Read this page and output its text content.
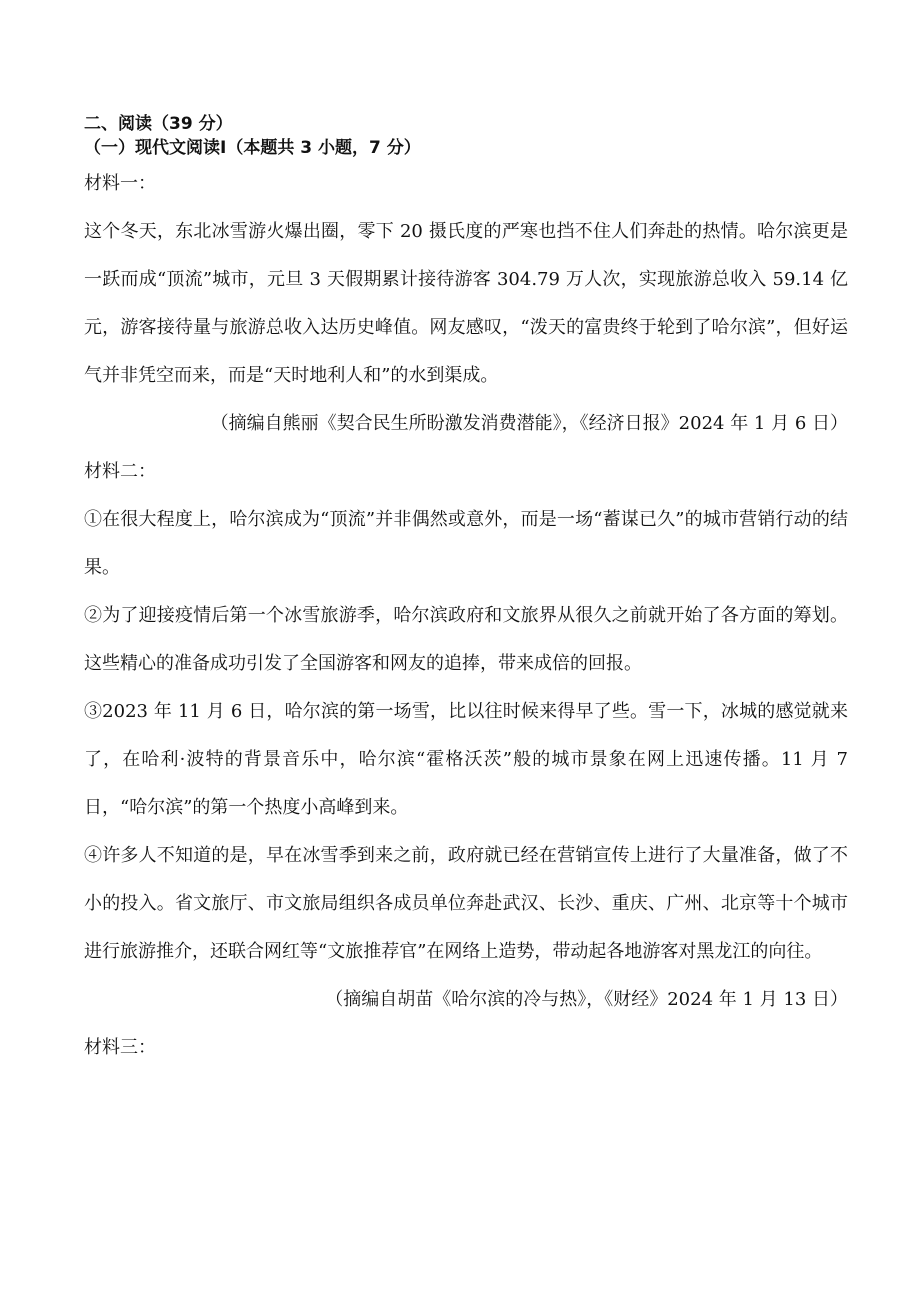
二、阅读（39 分）

（一）现代文阅读Ⅰ（本题共 3 小题，7 分）

材料一：

这个冬天，东北冰雪游火爆出圈，零下 20 摄氏度的严寒也挡不住人们奔赴的热情。哈尔滨更是一跃而成“顶流”城市，元旦 3 天假期累计接待游客 304.79 万人次，实现旅游总收入 59.14 亿元，游客接待量与旅游总收入达历史峰值。网友感叹，“泼天的富贵终于轮到了哈尔滨”，但好运气并非凭空而来，而是“天时地利人和”的水到渠成。

（摘编自熊丽《契合民生所盼激发消费潜能》，《经济日报》2024 年 1 月 6 日）

材料二：

①在很大程度上，哈尔滨成为“顶流”并非偶然或意外，而是一场“蓄谋已久”的城市营销行动的结果。

②为了迎接疫情后第一个冰雪旅游季，哈尔滨政府和文旅界从很久之前就开始了各方面的筹划。这些精心的准备成功引发了全国游客和网友的追捧，带来成倍的回报。

③2023 年 11 月 6 日，哈尔滨的第一场雪，比以往时候来得早了些。雪一下，冰城的感觉就来了，在哈利·波特的背景音乐中，哈尔滨“霍格沃茨”般的城市景象在网上迅速传播。11 月 7 日，“哈尔滨”的第一个热度小高峰到来。

④许多人不知道的是，早在冰雪季到来之前，政府就已经在营销宣传上进行了大量准备，做了不小的投入。省文旅厅、市文旅局组织各成员单位奔赴武汉、长沙、重庆、广州、北京等十个城市进行旅游推介，还联合网红等“文旅推荐官”在网络上造势，带动起各地游客对黑龙江的向往。

（摘编自胡苗《哈尔滨的冷与热》，《财经》2024 年 1 月 13 日）

材料三：
